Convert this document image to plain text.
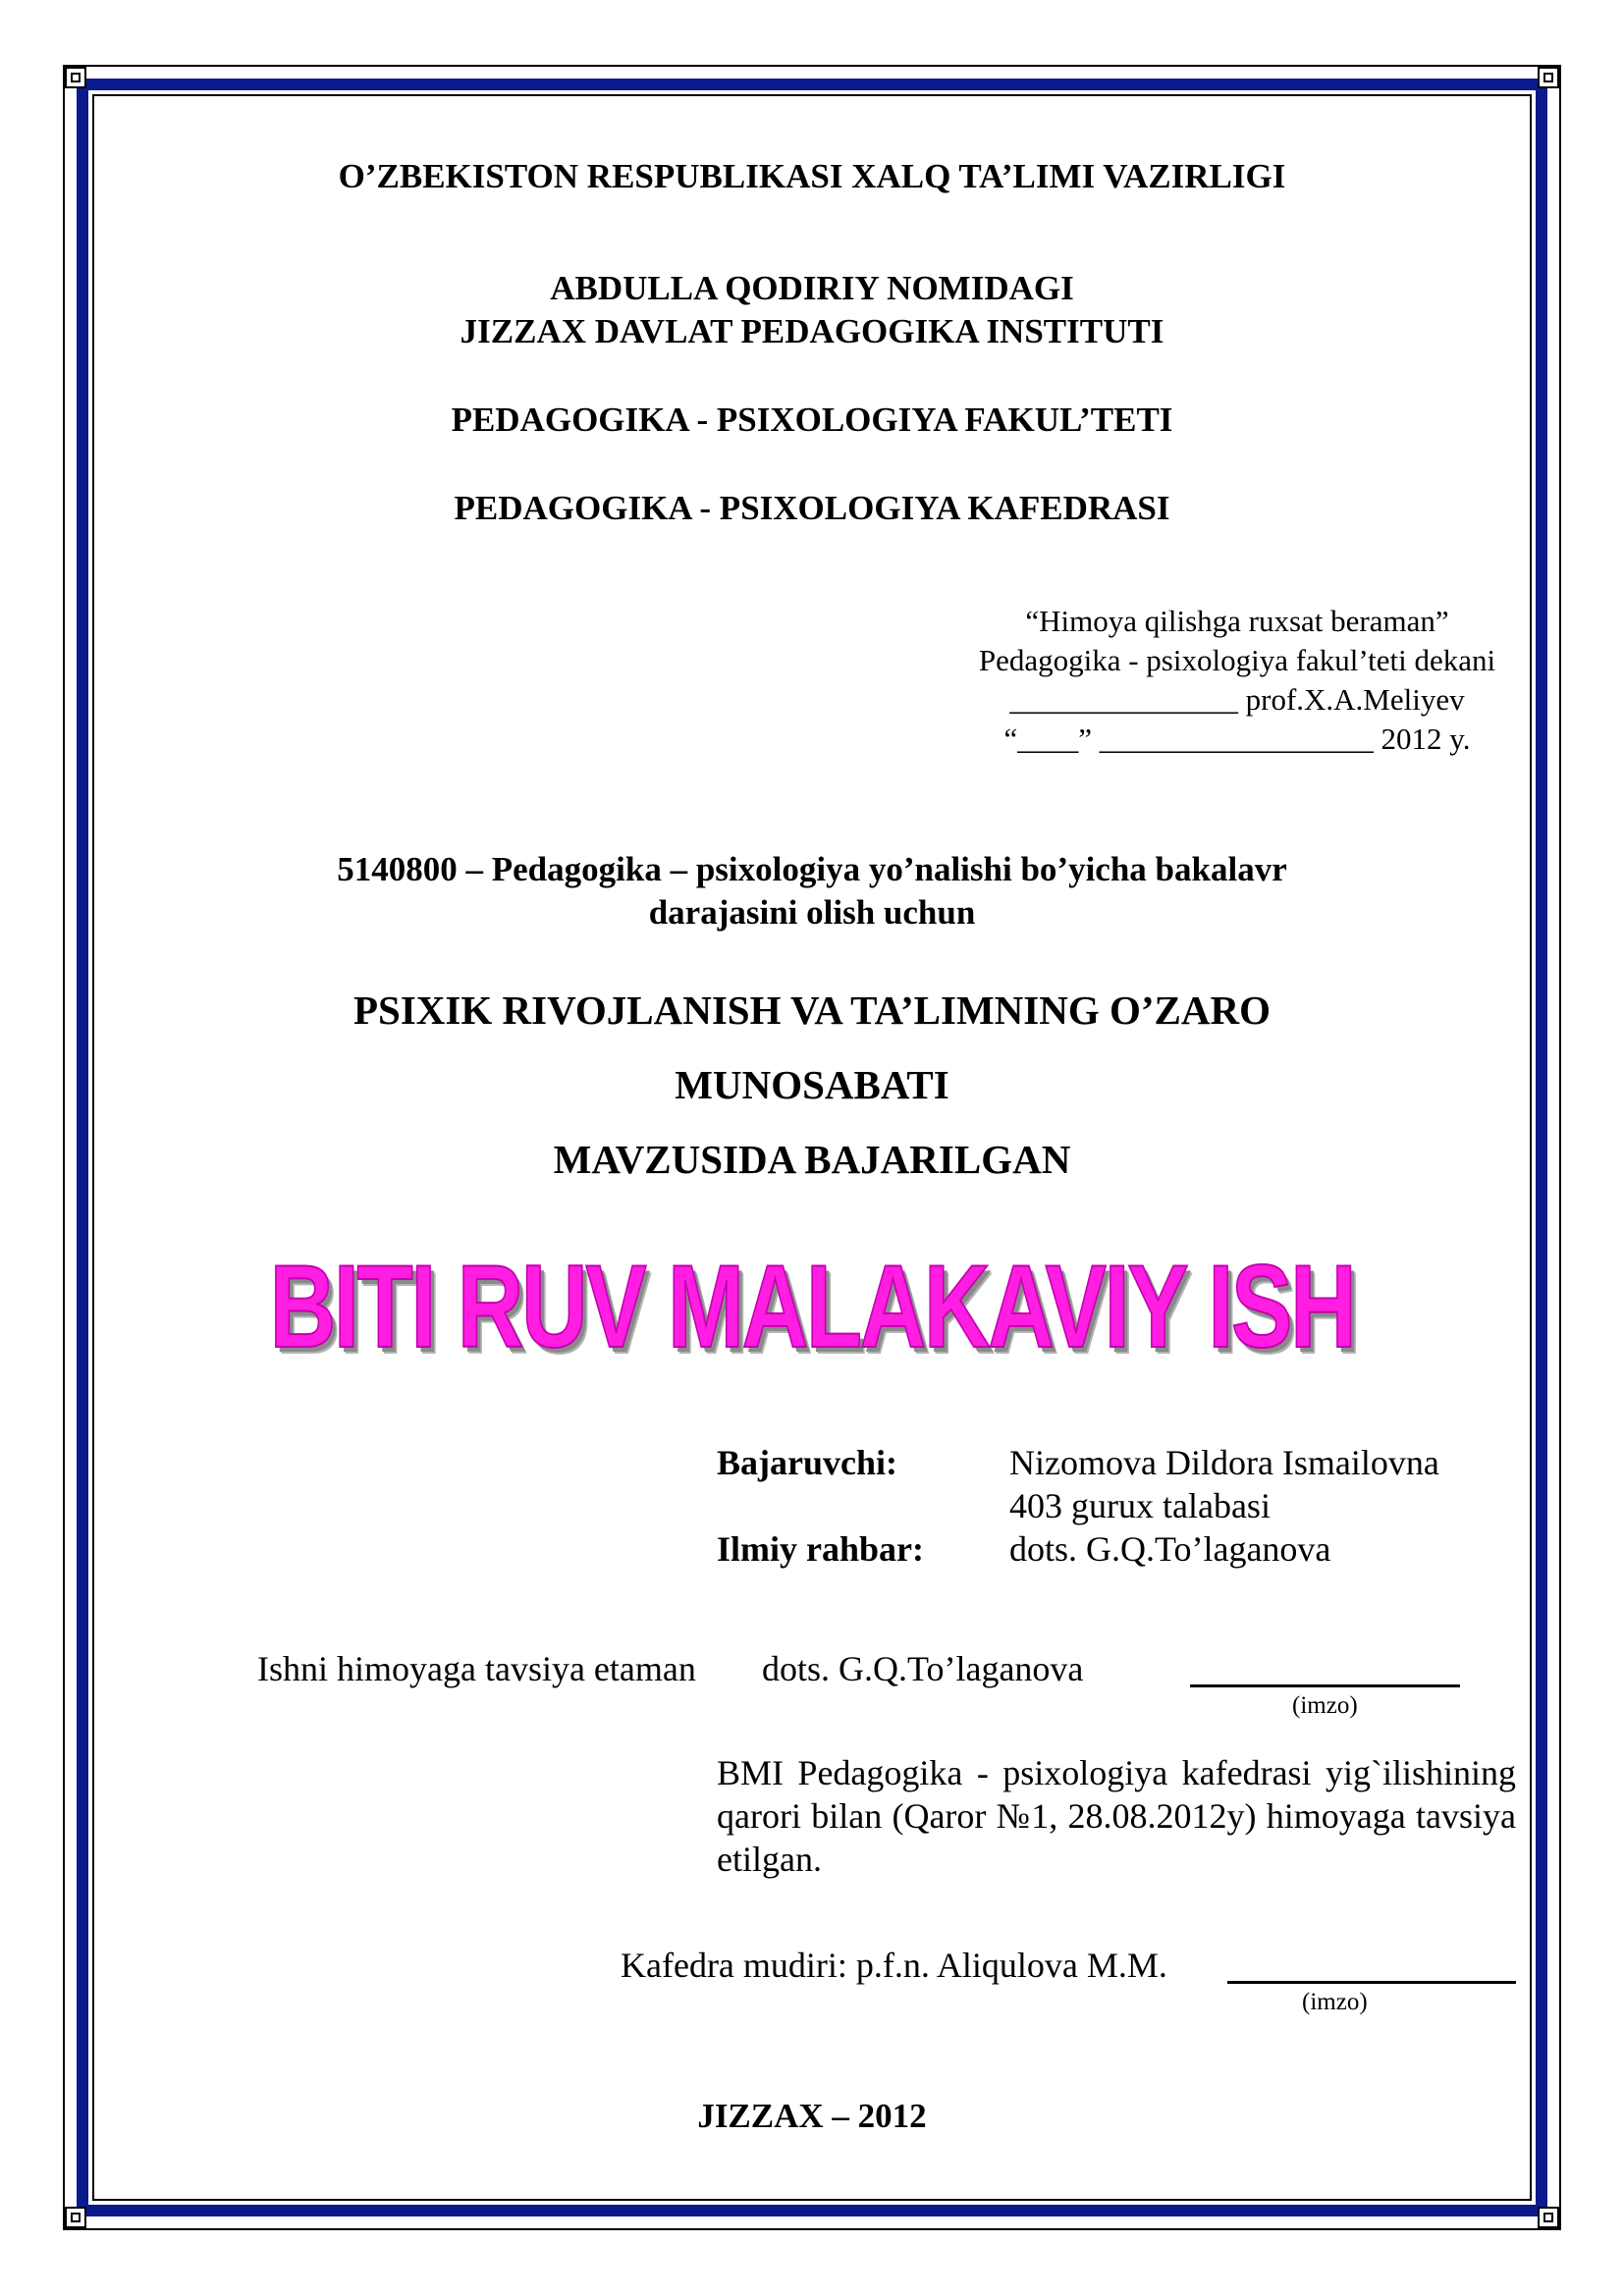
O’ZBEKISTON RESPUBLIKASI XALQ TA’LIMI VAZIRLIGI
ABDULLA QODIRIY NOMIDAGI
JIZZAX DAVLAT PEDAGOGIKA INSTITUTI
PEDAGOGIKA - PSIXOLOGIYA FAKUL’TETI
PEDAGOGIKA - PSIXOLOGIYA KAFEDRASI
“Himoya qilishga ruxsat beraman”
Pedagogika - psixologiya fakul’teti dekani
_______________ prof.X.A.Meliyev
“____” __________________ 2012 y.
5140800 – Pedagogika – psixologiya yo’nalishi bo’yicha bakalavr
darajasini olish uchun
PSIXIK RIVOJLANISH VA TA’LIMNING O’ZARO
MUNOSABATI
MAVZUSIDA BAJARILGAN
BITI RUV MALAKAVIY ISH
Bajaruvchi:	Nizomova Dildora Ismailovna
403 gurux talabasi
Ilmiy rahbar: dots. G.Q.To’laganova
Ishni himoyaga tavsiya etaman dots. G.Q.To’laganova
(imzo)
BMI Pedagogika - psixologiya kafedrasi yig`ilishining qarori bilan (Qaror №1, 28.08.2012y) himoyaga tavsiya etilgan.
Kafedra mudiri: p.f.n. Aliqulova M.M.
(imzo)
JIZZAX – 2012
